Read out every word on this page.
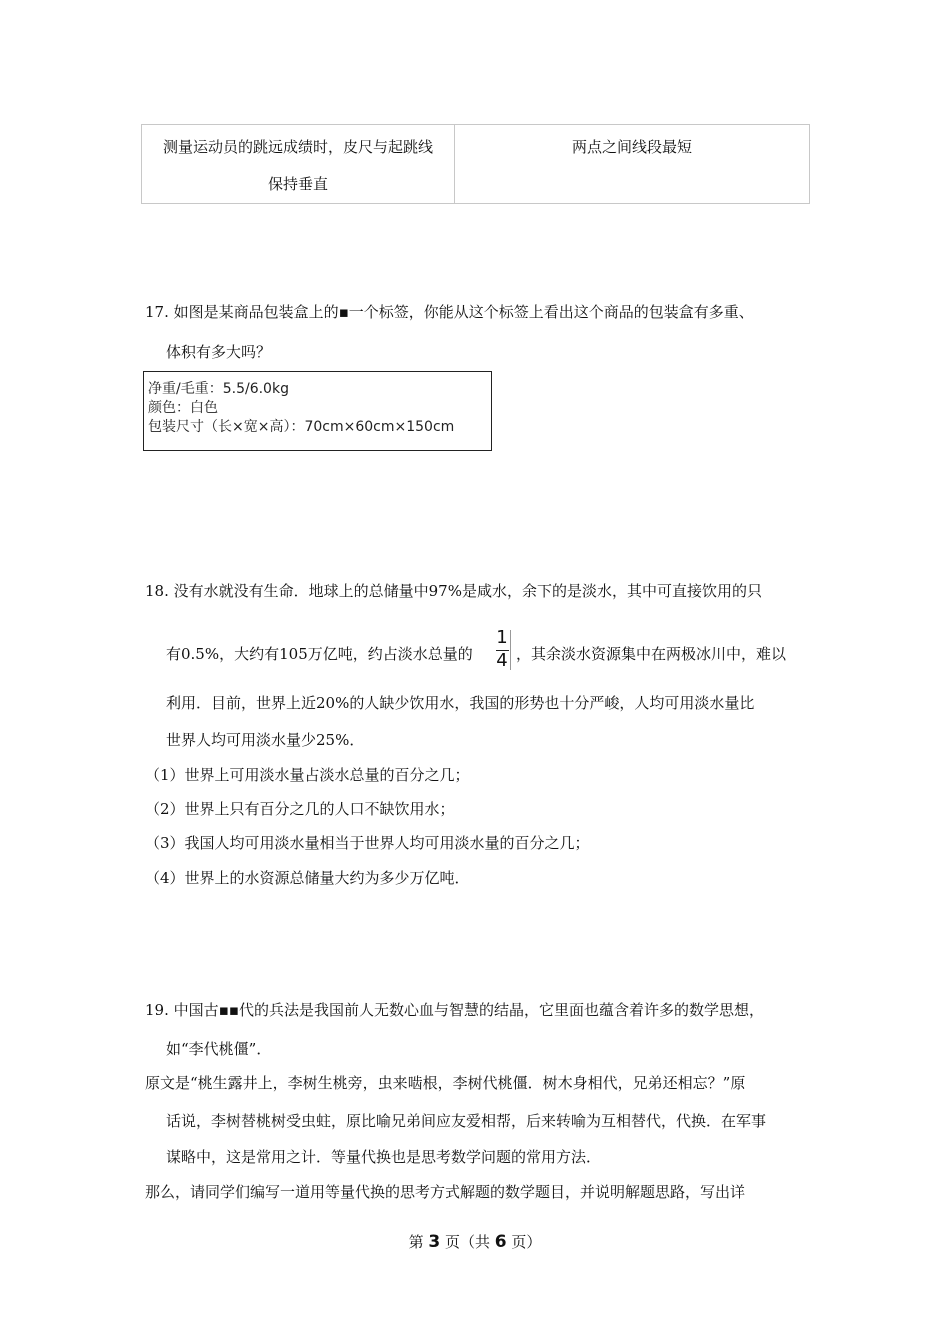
测量运动员的跳远成绩时，皮尺与起跳线
保持垂直
	两点之间线段最短
17. 如图是某商品包装盒上的▪一个标签，你能从这个标签上看出这个商品的包装盒有多重、
体积有多大吗？
净重/毛重：5.5/6.0kg
颜色：白色
包装尺寸（长×宽×高）：70cm×60cm×150cm
18. 没有水就没有生命．地球上的总储量中97%是咸水，余下的是淡水，其中可直接饮用的只
有0.5%，大约有105万亿吨，约占淡水总量的
1
4 ，其余淡水资源集中在两极冰川中，难以
利用．目前，世界上近20%的人缺少饮用水，我国的形势也十分严峻，人均可用淡水量比
世界人均可用淡水量少25%．
（1）世界上可用淡水量占淡水总量的百分之几；
（2）世界上只有百分之几的人口不缺饮用水；
（3）我国人均可用淡水量相当于世界人均可用淡水量的百分之几；
（4）世界上的水资源总储量大约为多少万亿吨．
19. 中国古▪▪代的兵法是我国前人无数心血与智慧的结晶，它里面也蕴含着许多的数学思想，
如“李代桃僵”．
原文是“桃生露井上，李树生桃旁，虫来啮根，李树代桃僵．树木身相代，兄弟还相忘？”原
话说，李树替桃树受虫蛀，原比喻兄弟间应友爱相帮，后来转喻为互相替代，代换．在军事
谋略中，这是常用之计．等量代换也是思考数学问题的常用方法．
那么，请同学们编写一道用等量代换的思考方式解题的数学题目，并说明解题思路，写出详
第 3 页（共 6 页）
